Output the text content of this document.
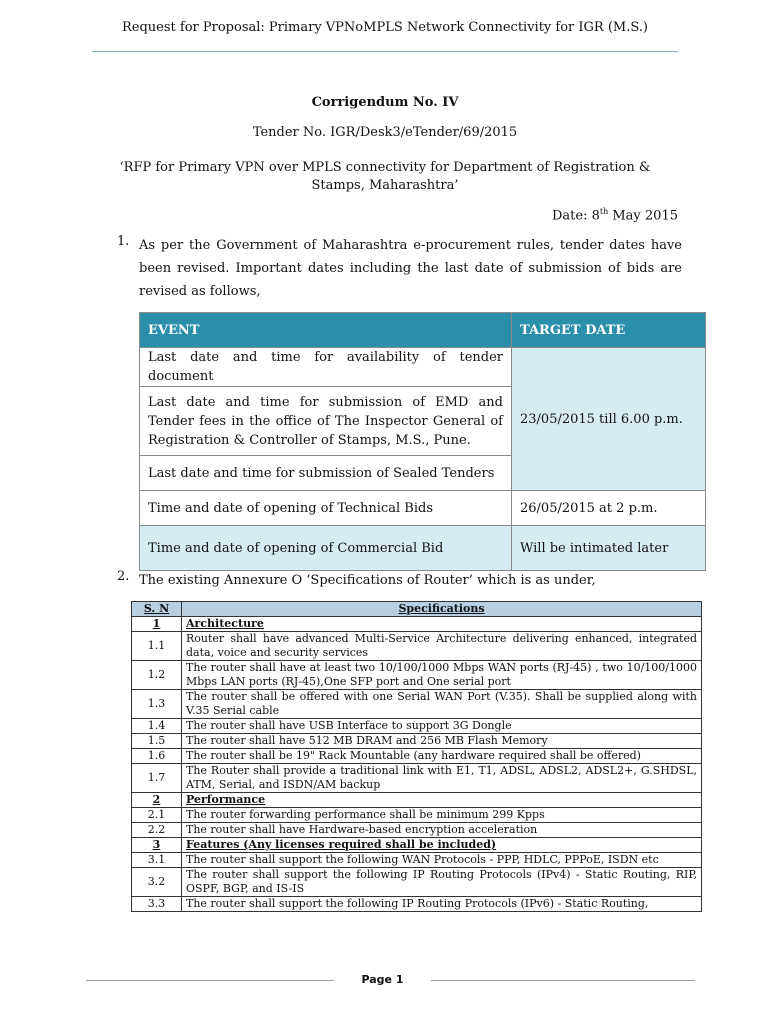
Request for Proposal: Primary VPNoMPLS Network Connectivity for IGR (M.S.)
Corrigendum No. IV
Tender No. IGR/Desk3/eTender/69/2015
‘RFP for Primary VPN over MPLS connectivity for Department of Registration & Stamps, Maharashtra’
Date: 8th May 2015
1. As per the Government of Maharashtra e-procurement rules, tender dates have been revised. Important dates including the last date of submission of bids are revised as follows,
EVENT	TARGET DATE
Last date and time for availability of tender document	23/05/2015 till 6.00 p.m.
Last date and time for submission of EMD and Tender fees in the office of The Inspector General of Registration & Controller of Stamps, M.S., Pune.	
Last date and time for submission of Sealed Tenders	
Time and date of opening of Technical Bids	26/05/2015 at 2 p.m.
Time and date of opening of Commercial Bid	Will be intimated later
2. The existing Annexure O ‘Specifications of Router’ which is as under,
S. N	Specifications
1	Architecture
1.1	Router shall have advanced Multi-Service Architecture delivering enhanced, integrated data, voice and security services
1.2	The router shall have at least two 10/100/1000 Mbps WAN ports (RJ-45) , two 10/100/1000 Mbps LAN ports (RJ-45),One SFP port and One serial port
1.3	The router shall be offered with one Serial WAN Port (V.35). Shall be supplied along with V.35 Serial cable
1.4	The router shall have USB Interface to support 3G Dongle
1.5	The router shall have 512 MB DRAM and 256 MB Flash Memory
1.6	The router shall be 19" Rack Mountable (any hardware required shall be offered)
1.7	The Router shall provide a traditional link with E1, T1, ADSL, ADSL2, ADSL2+, G.SHDSL, ATM, Serial, and ISDN/AM backup
2	Performance
2.1	The router forwarding performance shall be minimum 299 Kpps
2.2	The router shall have Hardware-based encryption acceleration
3	Features (Any licenses required shall be included)
3.1	The router shall support the following WAN Protocols - PPP, HDLC, PPPoE, ISDN etc
3.2	The router shall support the following IP Routing Protocols (IPv4) - Static Routing, RIP, OSPF, BGP, and IS-IS
3.3	The router shall support the following IP Routing Protocols (IPv6) - Static Routing,
Page 1
